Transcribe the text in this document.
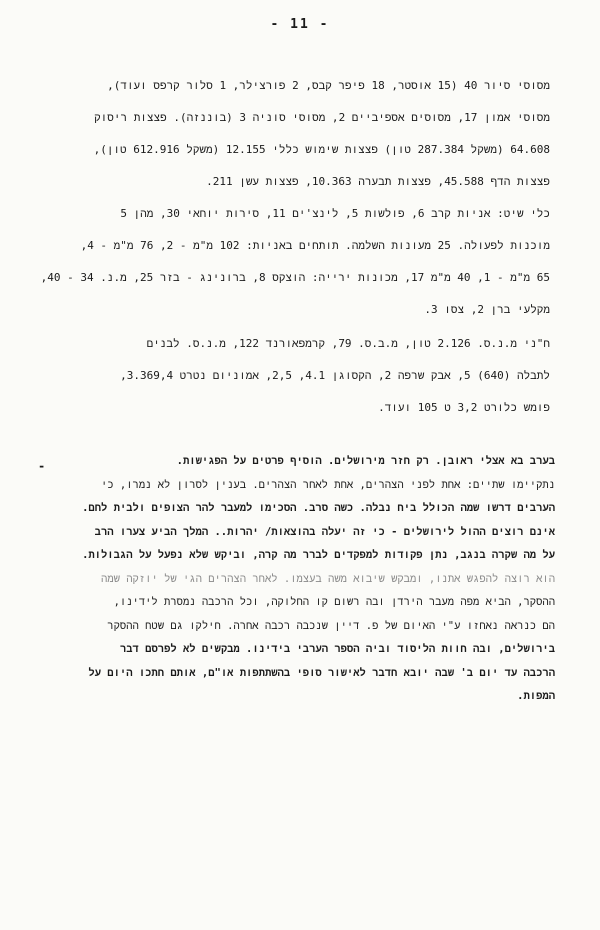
- 11 -
מסוסי סיור 40 (15 אוסטר, 18 פיפר קבס, 2 פורצילר, 1 סלור קרפס ועוד),
מסוסי אמון 17, מסוסים אספיביים 2, מסוסי סוניה 3 (בוננזה). פצצות ריסוק
64.608 (משקל 287.384 טון) פצצות שימוש כללי 12.155 (משקל 612.916 טון),
פצצות הדף 45.588, פצצות תבערה 10.363, פצצות עשן 211.
כלי שיט: אניות קרב 6, פולשות 5, לינצ'ים 11, סירות יוחאי 30, מהן 5
מוכנות לפעולה. 25 מעונות השלמה. תותחים באניות: 102 מ"מ - 2, 76 מ"מ - 4,
65 מ"מ - 1, 40 מ"מ 17, מכונות ירייה: הוצקס 8, ברונינג - בזר 25, מ.נ. 34 - 40,
מקלעי ברן 2, צסו 3.
ח"ני מ.נ.ס. 2.126 טון, מ.ב.ס. 79, קרמפאורנד 122, מ.נ.ס. לבנים
לתבלה (640) 5, אבק שרפה 2, הקסוגן 4.1, 2,5, אמוניום נטרט 3.369,4,
פומש כלורט 3,2 ט 105 ועוד.
-	בערב בא אצלי ראובן. רק חזר מירושלים. הוסיף פרטים על הפגישות.
נתקיימו שתיים: אחת לפני הצהרים, אחת לאחר הצהרים. בענין לסרון לא נמרו, כי
הערבים דרשו שמה הכולל ביח נבלה. כשה סרב. הסכימו למעבר להר הצופים ולבית לחם.
אינם רוצים ההול לירושלים - כי זה יעלה בהוצאות/ יהרות.. המלך הביע צערו הרב
על מה שקרה בנגב, נתן פקודות למפקדים לברר מה קרה, וביקש שלא נפעל על הגבולות.
הוא רוצה להפגש אתנו, ומבקש שיבוא משה בעצמו. לאחר הצהרים הגי של יוזקה שמה
ההסקר, הביא מפה מעבר הירדן ובה רשום קו החלוקה, וכל הרכבה נמסרת לידינו,
הם כנראה נאחזו ע"י האיום של פ. דיין שנכבה רכבה אחרה. חילקו גם שטח ההסקר
בירושלים, ובה חוות הליסוד וביה הספר הערבי בידינו. מבקשים לא לפרסם דבר
הרכבה עד יום ב' שבה יובא חדבר לאישור סופי בהשתתפות או"ם, אותם חתכו היום על
המפות.
